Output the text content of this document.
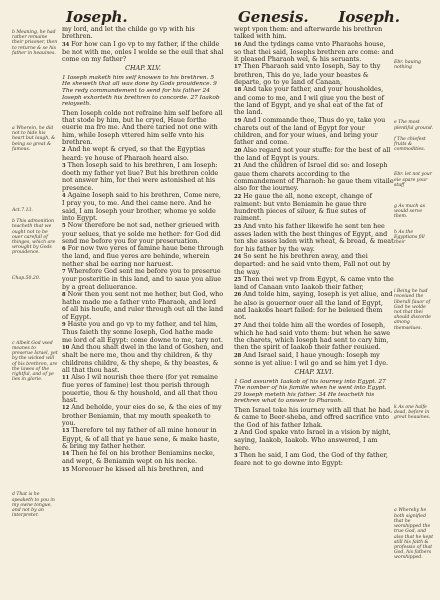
Ioseph.	Genesis. Ioseph.
b Meaning, he had rather remaine their prisoner, then to returne & se his father in heauines.
a Wherein, he did not to hide his heart but laugh, & being so great & famous.
Act.7.13.
b This admonition teacheth that we ought not to be ouer carefull of thinges, which are wrought by Gods prouidence.
Chap.50.20.
c Albeit God vsed meanes to preserue Israel, yet by the wicked will of his brethren, are the lawes of the rightful, and of ye lies in glorie.
d That is he speaketh to you in my owne tongue, and not by an interpreter.

my lord, and let the childe go vp with his brethren.

34 For how can I go vp to my father, if the childe be not with me, onles I wolde se the euil that shal come on my father?

CHAP. XLV.
1 Ioseph maketh him self knowen to his brethren. 5 He sheweth that all was done by Gods prouidence. 9 The redy commandement to send for his father 24 Ioseph exhorteth his brethren to concorde. 27 Iaakob reioyseth.

Then Ioseph colde not refraine him self before all that stode by him, but he cryed, Haue forthe euerie ma fro me. And there taried not one with him, while Ioseph vttered him selfe vnto his brethren.

2 And he wept & cryed, so that the Egyptias heard: ye house of Pharaoh heard also.

3 Then Ioseph said to his brethren, I am Ioseph: doeth my father yet liue? But his brethren colde not answer him, for thei were astonished at his presence.

4 Againe Ioseph said to his brethren, Come nere, I pray you, to me. And thei came nere. And he said, I am Ioseph your brother, whome ye solde into Egypt.

5 Now therefore be not sad, nether grieued with your selues, that ye solde me hether: for God did send me before you for your preseruation.

6 For now two yeres of famine haue bene through the land, and fiue yeres are behinde, wherein nether shal be earing nor haruest.

7 Wherefore God sent me before you to preserue your posteritie in this land, and to saue you aliue by a great deliuerance.

8 Now then you sent not me hether, but God, who hathe made me a father vnto Pharaoh, and lord of all his houfe, and ruler through out all the land of Egypt.

9 Haste you and go vp to my father, and tel him, Thus faieth thy sonne Ioseph, God hathe made me lord of all Egypt: come downe to me, tary not.

10 And thou shalt dwel in the land of Goshen, and shalt be nere me, thou and thy children, & thy childrens childre, & thy shepe, & thy beastes, & all that thou hast.

11 Also I wil nourish thee there (for yet remaine fiue yeres of famine) lest thou perish through pouertie, thou & thy houshold, and all that thou hast.

12 And beholde, your eies do se, & the eies of my brother Beniamin, that my mouth speaketh to you.

13 Therefore tel my father of all mine honour in Egypt, & of all that ye haue sene, & make haste, & bring my father hether.

14 Then he fel on his brother Beniamins necke, and wept, & Beniamin wept on his necke.

15 Moreouer he kissed all his brethren, and

wept vpon them: and afterwarde his brethren talked with him.

16 And the tydings came vnto Pharaohs house, so that thei said, Iosephs brethren are come: and it pleased Pharaoh wel, & his seruants.

17 Then Pharaoh said vnto Ioseph, Say to thy brethren, This do ye, lade your beastes & departe, go to ye land of Canaan,

18 And take your father, and your housholdes, and come to me, and I wil giue you the best of the land of Egypt, and ye shal eat of the fat of the land.

19 And I commande thee, Thus do ye, take you charets out of the land of Egypt for your children, and for your wiues, and bring your father and come.

20 Also regard not your stuffe: for the best of all the land of Egypt is yours.

21 And the children of Israel did so: and Ioseph gaue them charets according to the commandement of Pharaoh: he gaue them vitaile also for the iourney.

22 He gaue the all, none except, change of raiment: but vnto Beniamin he gaue thre hundreth pieces of siluer, & fiue sutes of raiment.

23 And vnto his father likewife he sent ten hee asses laden with the best thinges of Egypt, and ten she asses laden with wheat, & bread, & meat for his father by the way.

24 So sent he his brethren away, and thei departed: and he said vnto them, Fall not out by the way.

25 Then thei wet vp from Egypt, & came vnto the land of Canaan vnto Iaakob their father,

26 And tolde him, saying, Ioseph is yet aliue, and he also is gouernor ouer all the land of Egypt, and Iaakobs heart failed: for he beleued them not.

27 And thei tolde him all the wordes of Ioseph, which he had said vnto them: but when he sawe the charets, which Ioseph had sent to cary him, then the spirit of Iaakob their father reuiued.

28 And Israel said, I haue ynough: Ioseph my sonne is yet aliue: I wil go and se him yet I dye.

CHAP. XLVI.
1 God assureth Iaakob of his iourney into Egypt. 27 The nomber of his familie when he went into Egypt. 29 Ioseph meteth his father. 34 He teacheth his brethren what to answer to Pharaoh.

Then Israel toke his iourney with all that he had, & came to Beer-sheba, and offred sacrifice vnto the God of his father Izhak.

2 And God spake vnto Israel in a vision by night, saying, Iaakob, Iaakob. Who answered, I am here.

3 Then he said, I am God, the God of thy father, feare not to go downe into Egypt:

Ebr. hauing nothing
e The most plentiful ground.
f The chiefest fruits & commodities.
Ebr. let not your eie spare your stuff
g As much as would serve them.
h As the Egyptians fill their
i Being he had receiued the liberall fauor of God he wolde not that thei should discorde among themselues.
k As one halfe dead, before in great heauines.
a Whereby he both signified that he worshipped the true God, and also that he kept still his faith & professio of that God, his fathers worshipped.
